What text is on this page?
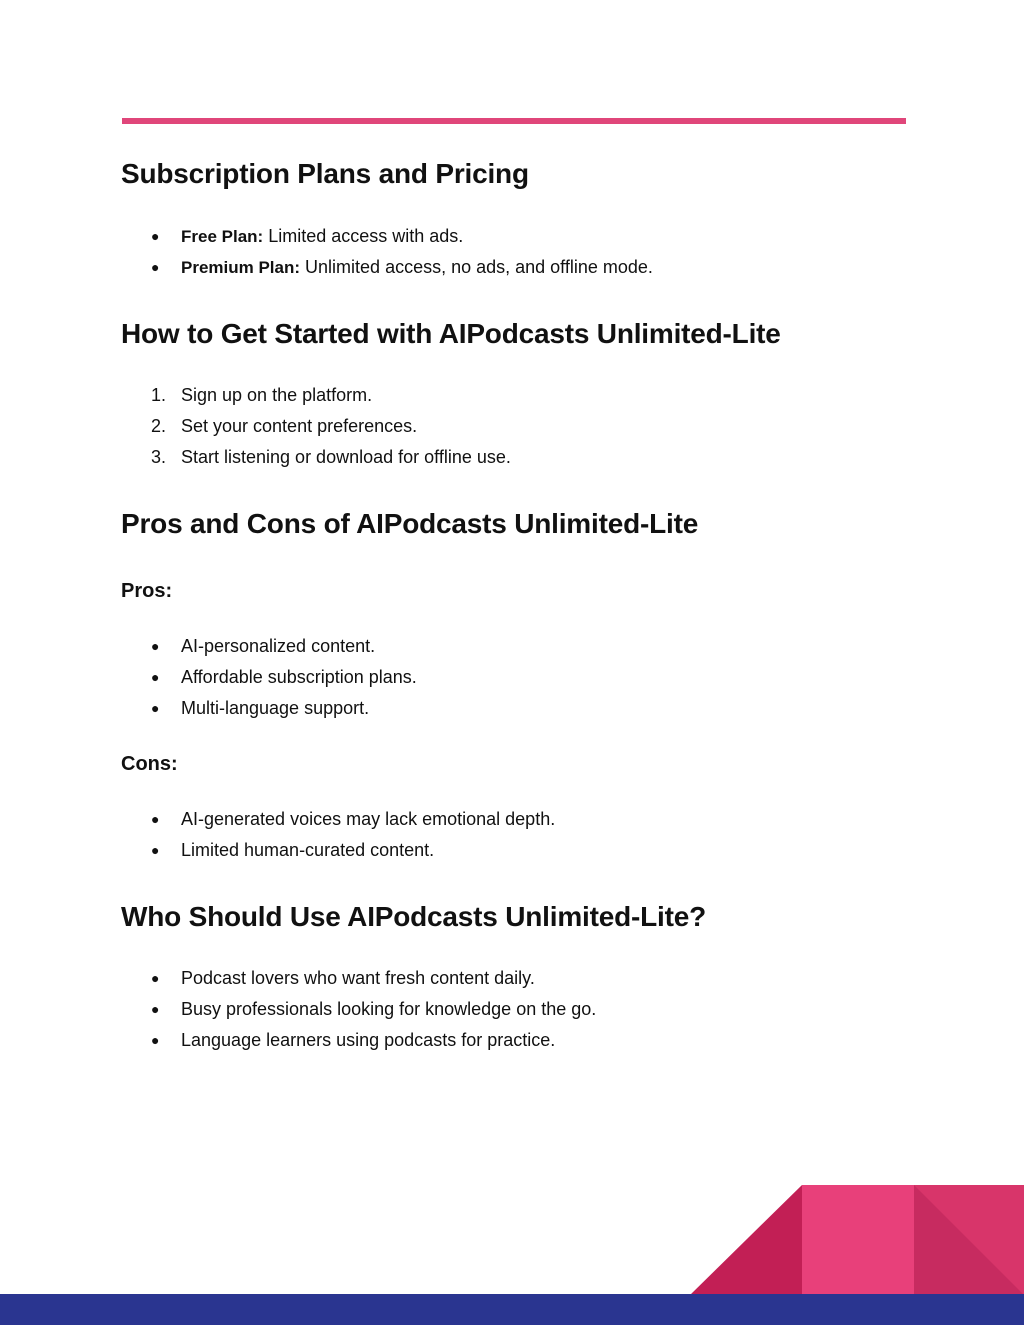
Subscription Plans and Pricing
● Free Plan: Limited access with ads.
● Premium Plan: Unlimited access, no ads, and offline mode.
How to Get Started with AIPodcasts Unlimited-Lite
1. Sign up on the platform.
2. Set your content preferences.
3. Start listening or download for offline use.
Pros and Cons of AIPodcasts Unlimited-Lite
Pros:
● AI-personalized content.
● Affordable subscription plans.
● Multi-language support.
Cons:
● AI-generated voices may lack emotional depth.
● Limited human-curated content.
Who Should Use AIPodcasts Unlimited-Lite?
● Podcast lovers who want fresh content daily.
● Busy professionals looking for knowledge on the go.
● Language learners using podcasts for practice.
